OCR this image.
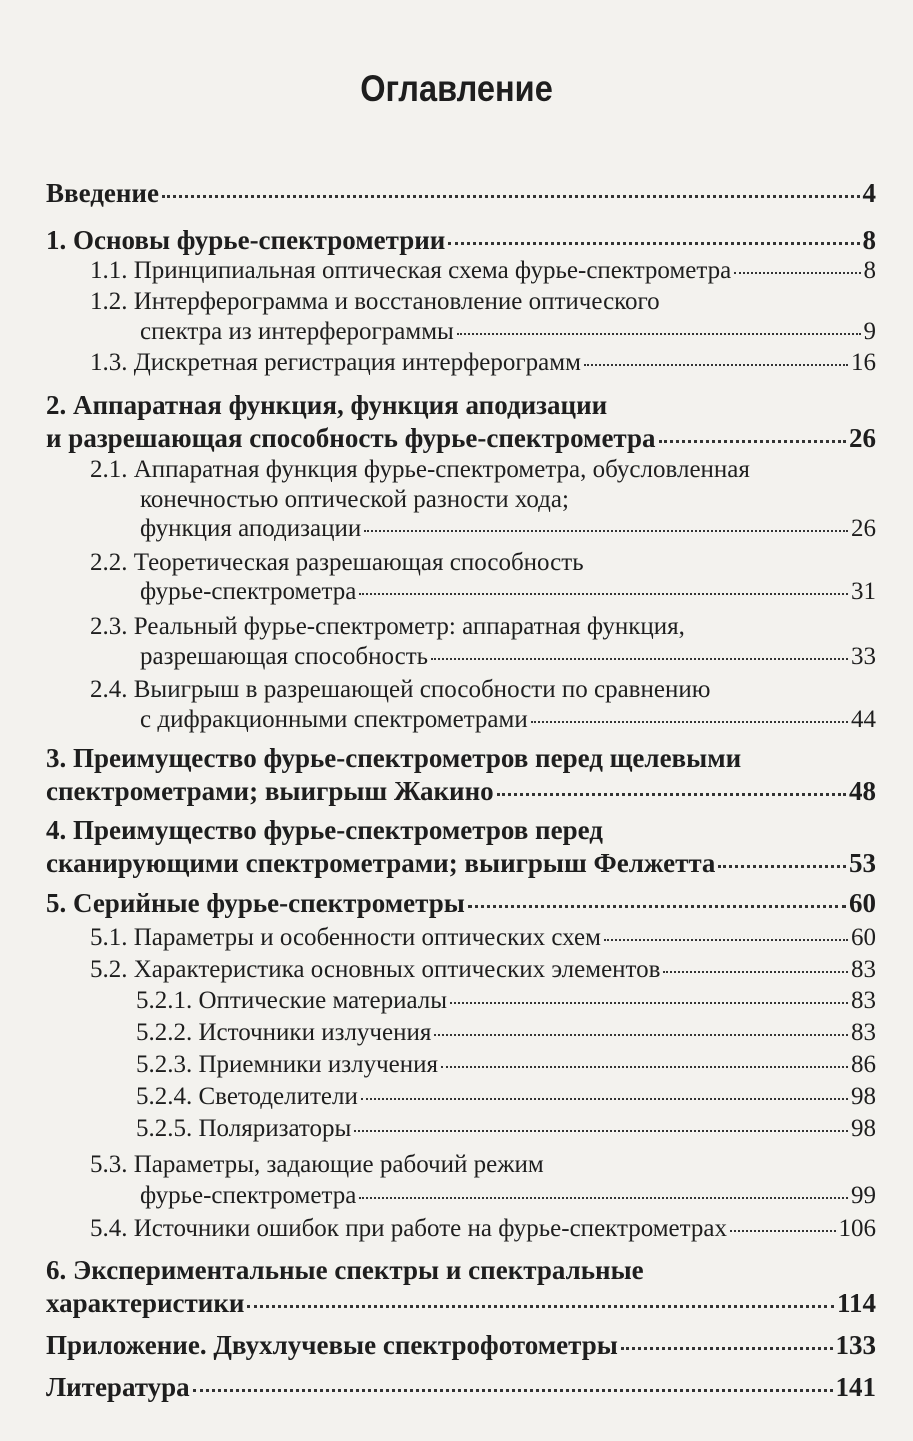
Оглавление
Введение	4
1. Основы фурье-спектрометрии	8
1.1. Принципиальная оптическая схема фурье-спектрометра	8
1.2. Интерферограмма и восстановление оптического
спектра из интерферограммы	9
1.3. Дискретная регистрация интерферограмм	16
2. Аппаратная функция, функция аподизации
и разрешающая способность фурье-спектрометра	26
2.1. Аппаратная функция фурье-спектрометра, обусловленная
конечностью оптической разности хода;
функция аподизации	26
2.2. Теоретическая разрешающая способность
фурье-спектрометра	31
2.3. Реальный фурье-спектрометр: аппаратная функция,
разрешающая способность	33
2.4. Выигрыш в разрешающей способности по сравнению
с дифракционными спектрометрами	44
3. Преимущество фурье-спектрометров перед щелевыми
спектрометрами; выигрыш Жакино	48
4. Преимущество фурье-спектрометров перед
сканирующими спектрометрами; выигрыш Фелжетта	53
5. Серийные фурье-спектрометры	60
5.1. Параметры и особенности оптических схем	60
5.2. Характеристика основных оптических элементов	83
5.2.1. Оптические материалы	83
5.2.2. Источники излучения	83
5.2.3. Приемники излучения	86
5.2.4. Светоделители	98
5.2.5. Поляризаторы	98
5.3. Параметры, задающие рабочий режим
фурье-спектрометра	99
5.4. Источники ошибок при работе на фурье-спектрометрах	106
6. Экспериментальные спектры и спектральные
характеристики	114
Приложение. Двухлучевые спектрофотометры	133
Литература	141
